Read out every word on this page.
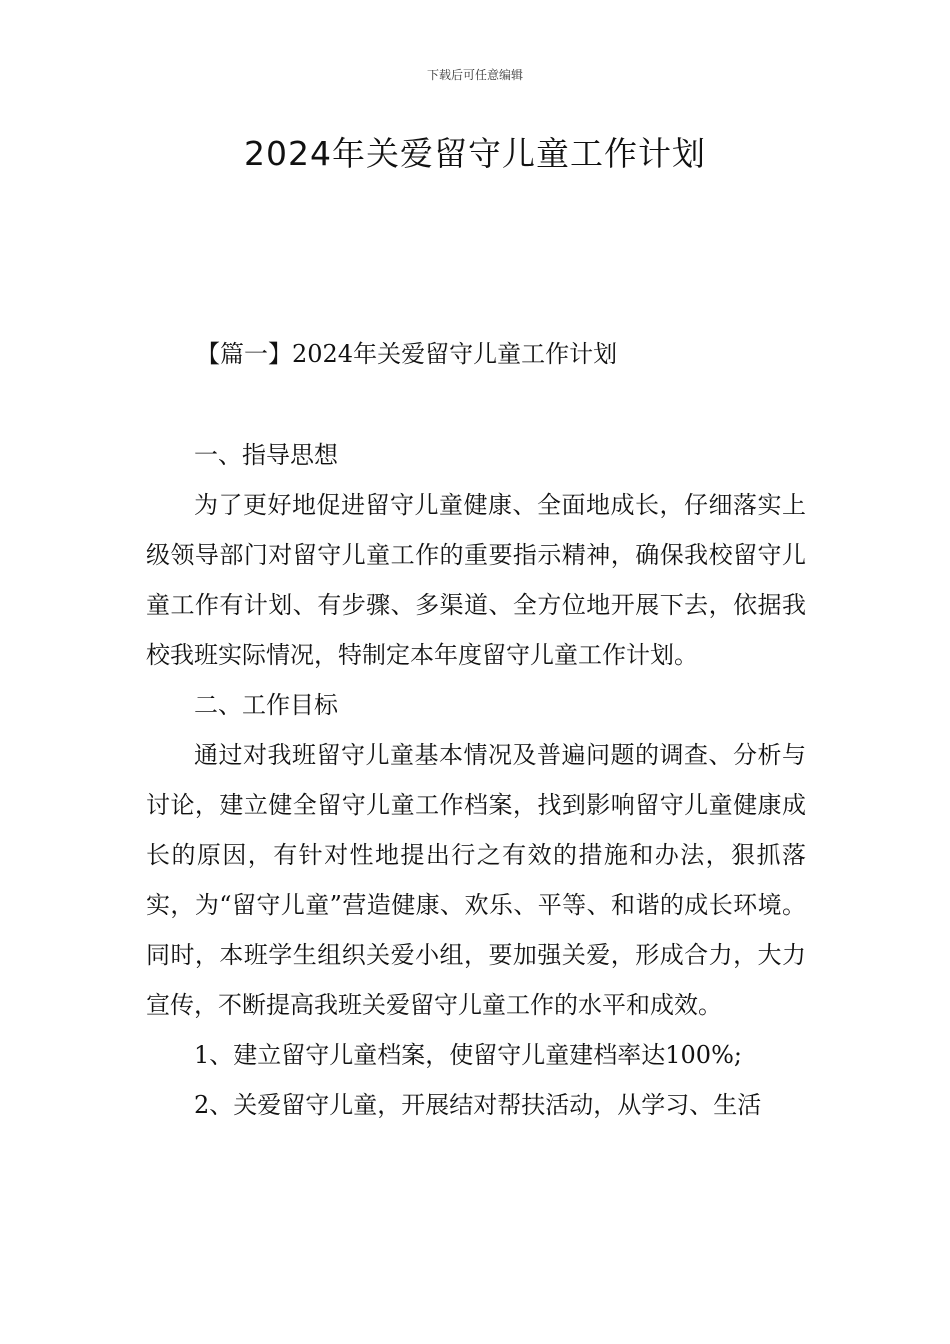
下载后可任意编辑
2024年关爱留守儿童工作计划
【篇一】2024年关爱留守儿童工作计划

一、指导思想

为了更好地促进留守儿童健康、全面地成长，仔细落实上级领导部门对留守儿童工作的重要指示精神，确保我校留守儿童工作有计划、有步骤、多渠道、全方位地开展下去，依据我校我班实际情况，特制定本年度留守儿童工作计划。

二、工作目标

通过对我班留守儿童基本情况及普遍问题的调查、分析与讨论，建立健全留守儿童工作档案，找到影响留守儿童健康成长的原因，有针对性地提出行之有效的措施和办法，狠抓落实，为“留守儿童”营造健康、欢乐、平等、和谐的成长环境。同时，本班学生组织关爱小组，要加强关爱，形成合力，大力宣传，不断提高我班关爱留守儿童工作的水平和成效。

1、建立留守儿童档案，使留守儿童建档率达100%;

2、关爱留守儿童，开展结对帮扶活动，从学习、生活
